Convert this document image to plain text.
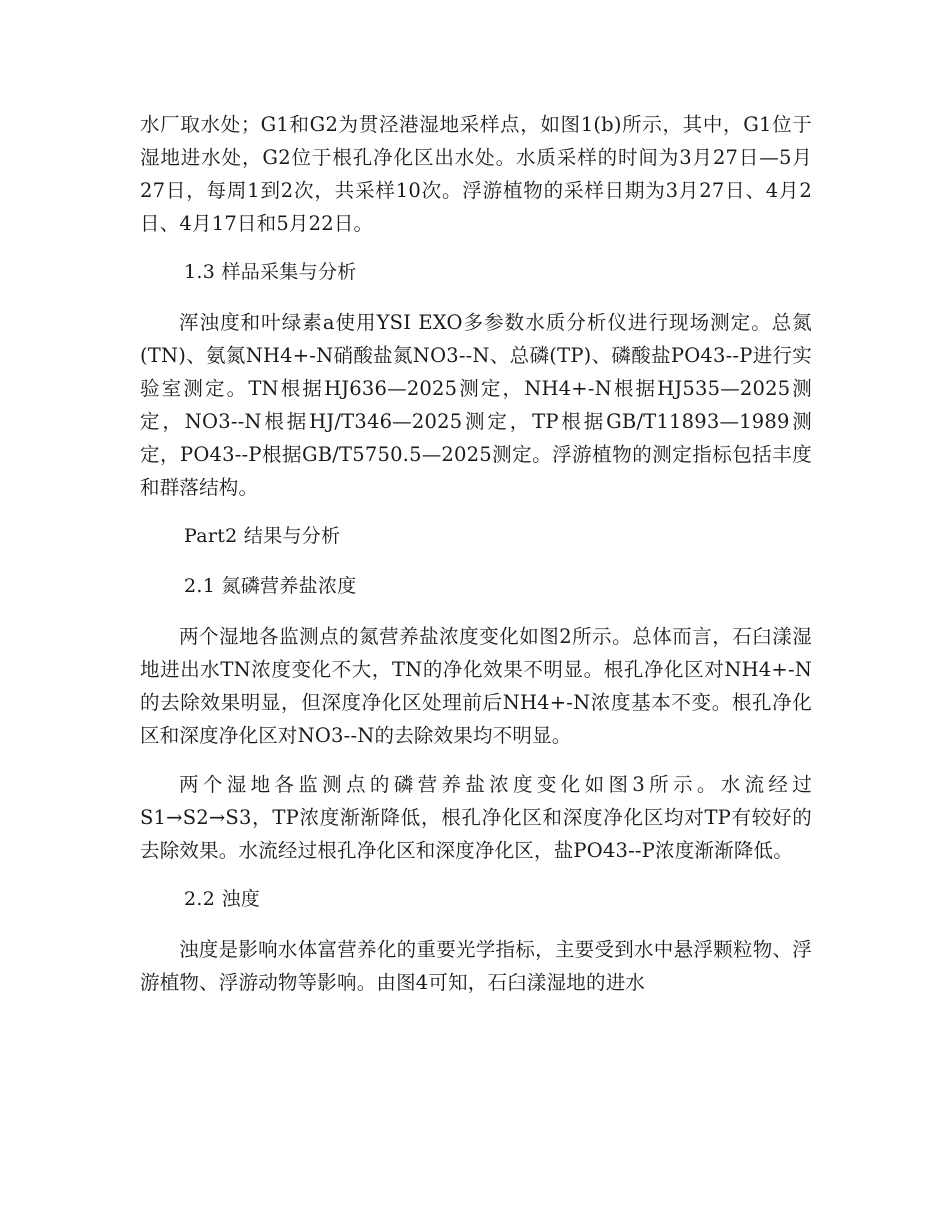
水厂取水处；G1和G2为贯泾港湿地采样点，如图1(b)所示，其中，G1位于湿地进水处，G2位于根孔净化区出水处。水质采样的时间为3月27日—5月27日，每周1到2次，共采样10次。浮游植物的采样日期为3月27日、4月2日、4月17日和5月22日。

1.3 样品采集与分析

浑浊度和叶绿素a使用YSI EXO多参数水质分析仪进行现场测定。总氮(TN)、氨氮NH4+-N硝酸盐氮NO3--N、总磷(TP)、磷酸盐PO43--P进行实验室测定。TN根据HJ636—2025测定，NH4+-N根据HJ535—2025测定，NO3--N根据HJ/T346—2025测定，TP根据GB/T11893—1989测定，PO43--P根据GB/T5750.5—2025测定。浮游植物的测定指标包括丰度和群落结构。

Part2 结果与分析

2.1 氮磷营养盐浓度

两个湿地各监测点的氮营养盐浓度变化如图2所示。总体而言，石臼漾湿地进出水TN浓度变化不大，TN的净化效果不明显。根孔净化区对NH4+-N的去除效果明显，但深度净化区处理前后NH4+-N浓度基本不变。根孔净化区和深度净化区对NO3--N的去除效果均不明显。

两个湿地各监测点的磷营养盐浓度变化如图3所示。水流经过S1→S2→S3，TP浓度渐渐降低，根孔净化区和深度净化区均对TP有较好的去除效果。水流经过根孔净化区和深度净化区，盐PO43--P浓度渐渐降低。

2.2 浊度

浊度是影响水体富营养化的重要光学指标，主要受到水中悬浮颗粒物、浮游植物、浮游动物等影响。由图4可知，石臼漾湿地的进水
